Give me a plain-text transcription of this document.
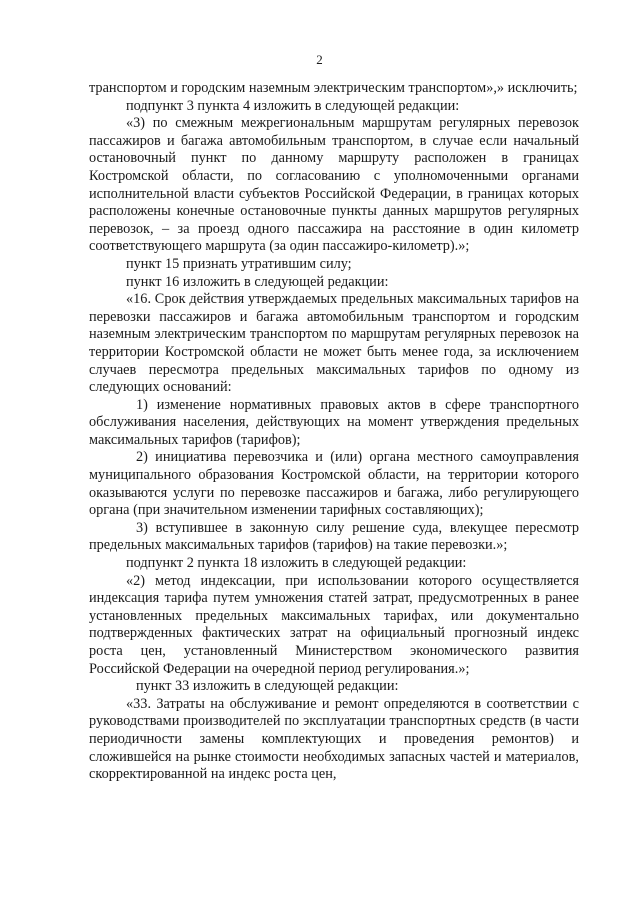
2

транспортом и городским наземным электрическим транспортом»,» исключить;

подпункт 3 пункта 4 изложить в следующей редакции:

«3) по смежным межрегиональным маршрутам регулярных перевозок пассажиров и багажа автомобильным транспортом, в случае если начальный остановочный пункт по данному маршруту расположен в границах Костромской области, по согласованию с уполномоченными органами исполнительной власти субъектов Российской Федерации, в границах которых расположены конечные остановочные пункты данных маршрутов регулярных перевозок, – за проезд одного пассажира на расстояние в один километр соответствующего маршрута (за один пассажиро-километр).»;

пункт 15 признать утратившим силу;

пункт 16 изложить в следующей редакции:

«16. Срок действия утверждаемых предельных максимальных тарифов на перевозки пассажиров и багажа автомобильным транспортом и городским наземным электрическим транспортом по маршрутам регулярных перевозок на территории Костромской области не может быть менее года, за исключением случаев пересмотра предельных максимальных тарифов по одному из следующих оснований:

1) изменение нормативных правовых актов в сфере транспортного обслуживания населения, действующих на момент утверждения предельных максимальных тарифов (тарифов);

2) инициатива перевозчика и (или) органа местного самоуправления муниципального образования Костромской области, на территории которого оказываются услуги по перевозке пассажиров и багажа, либо регулирующего органа (при значительном изменении тарифных составляющих);

3) вступившее в законную силу решение суда, влекущее пересмотр предельных максимальных тарифов (тарифов) на такие перевозки.»;

подпункт 2 пункта 18 изложить в следующей редакции:

«2) метод индексации, при использовании которого осуществляется индексация тарифа путем умножения статей затрат, предусмотренных в ранее установленных предельных максимальных тарифах, или документально подтвержденных фактических затрат на официальный прогнозный индекс роста цен, установленный Министерством экономического развития Российской Федерации на очередной период регулирования.»;

пункт 33 изложить в следующей редакции:

«33. Затраты на обслуживание и ремонт определяются в соответствии с руководствами производителей по эксплуатации транспортных средств (в части периодичности замены комплектующих и проведения ремонтов) и сложившейся на рынке стоимости необходимых запасных частей и материалов, скорректированной на индекс роста цен,
